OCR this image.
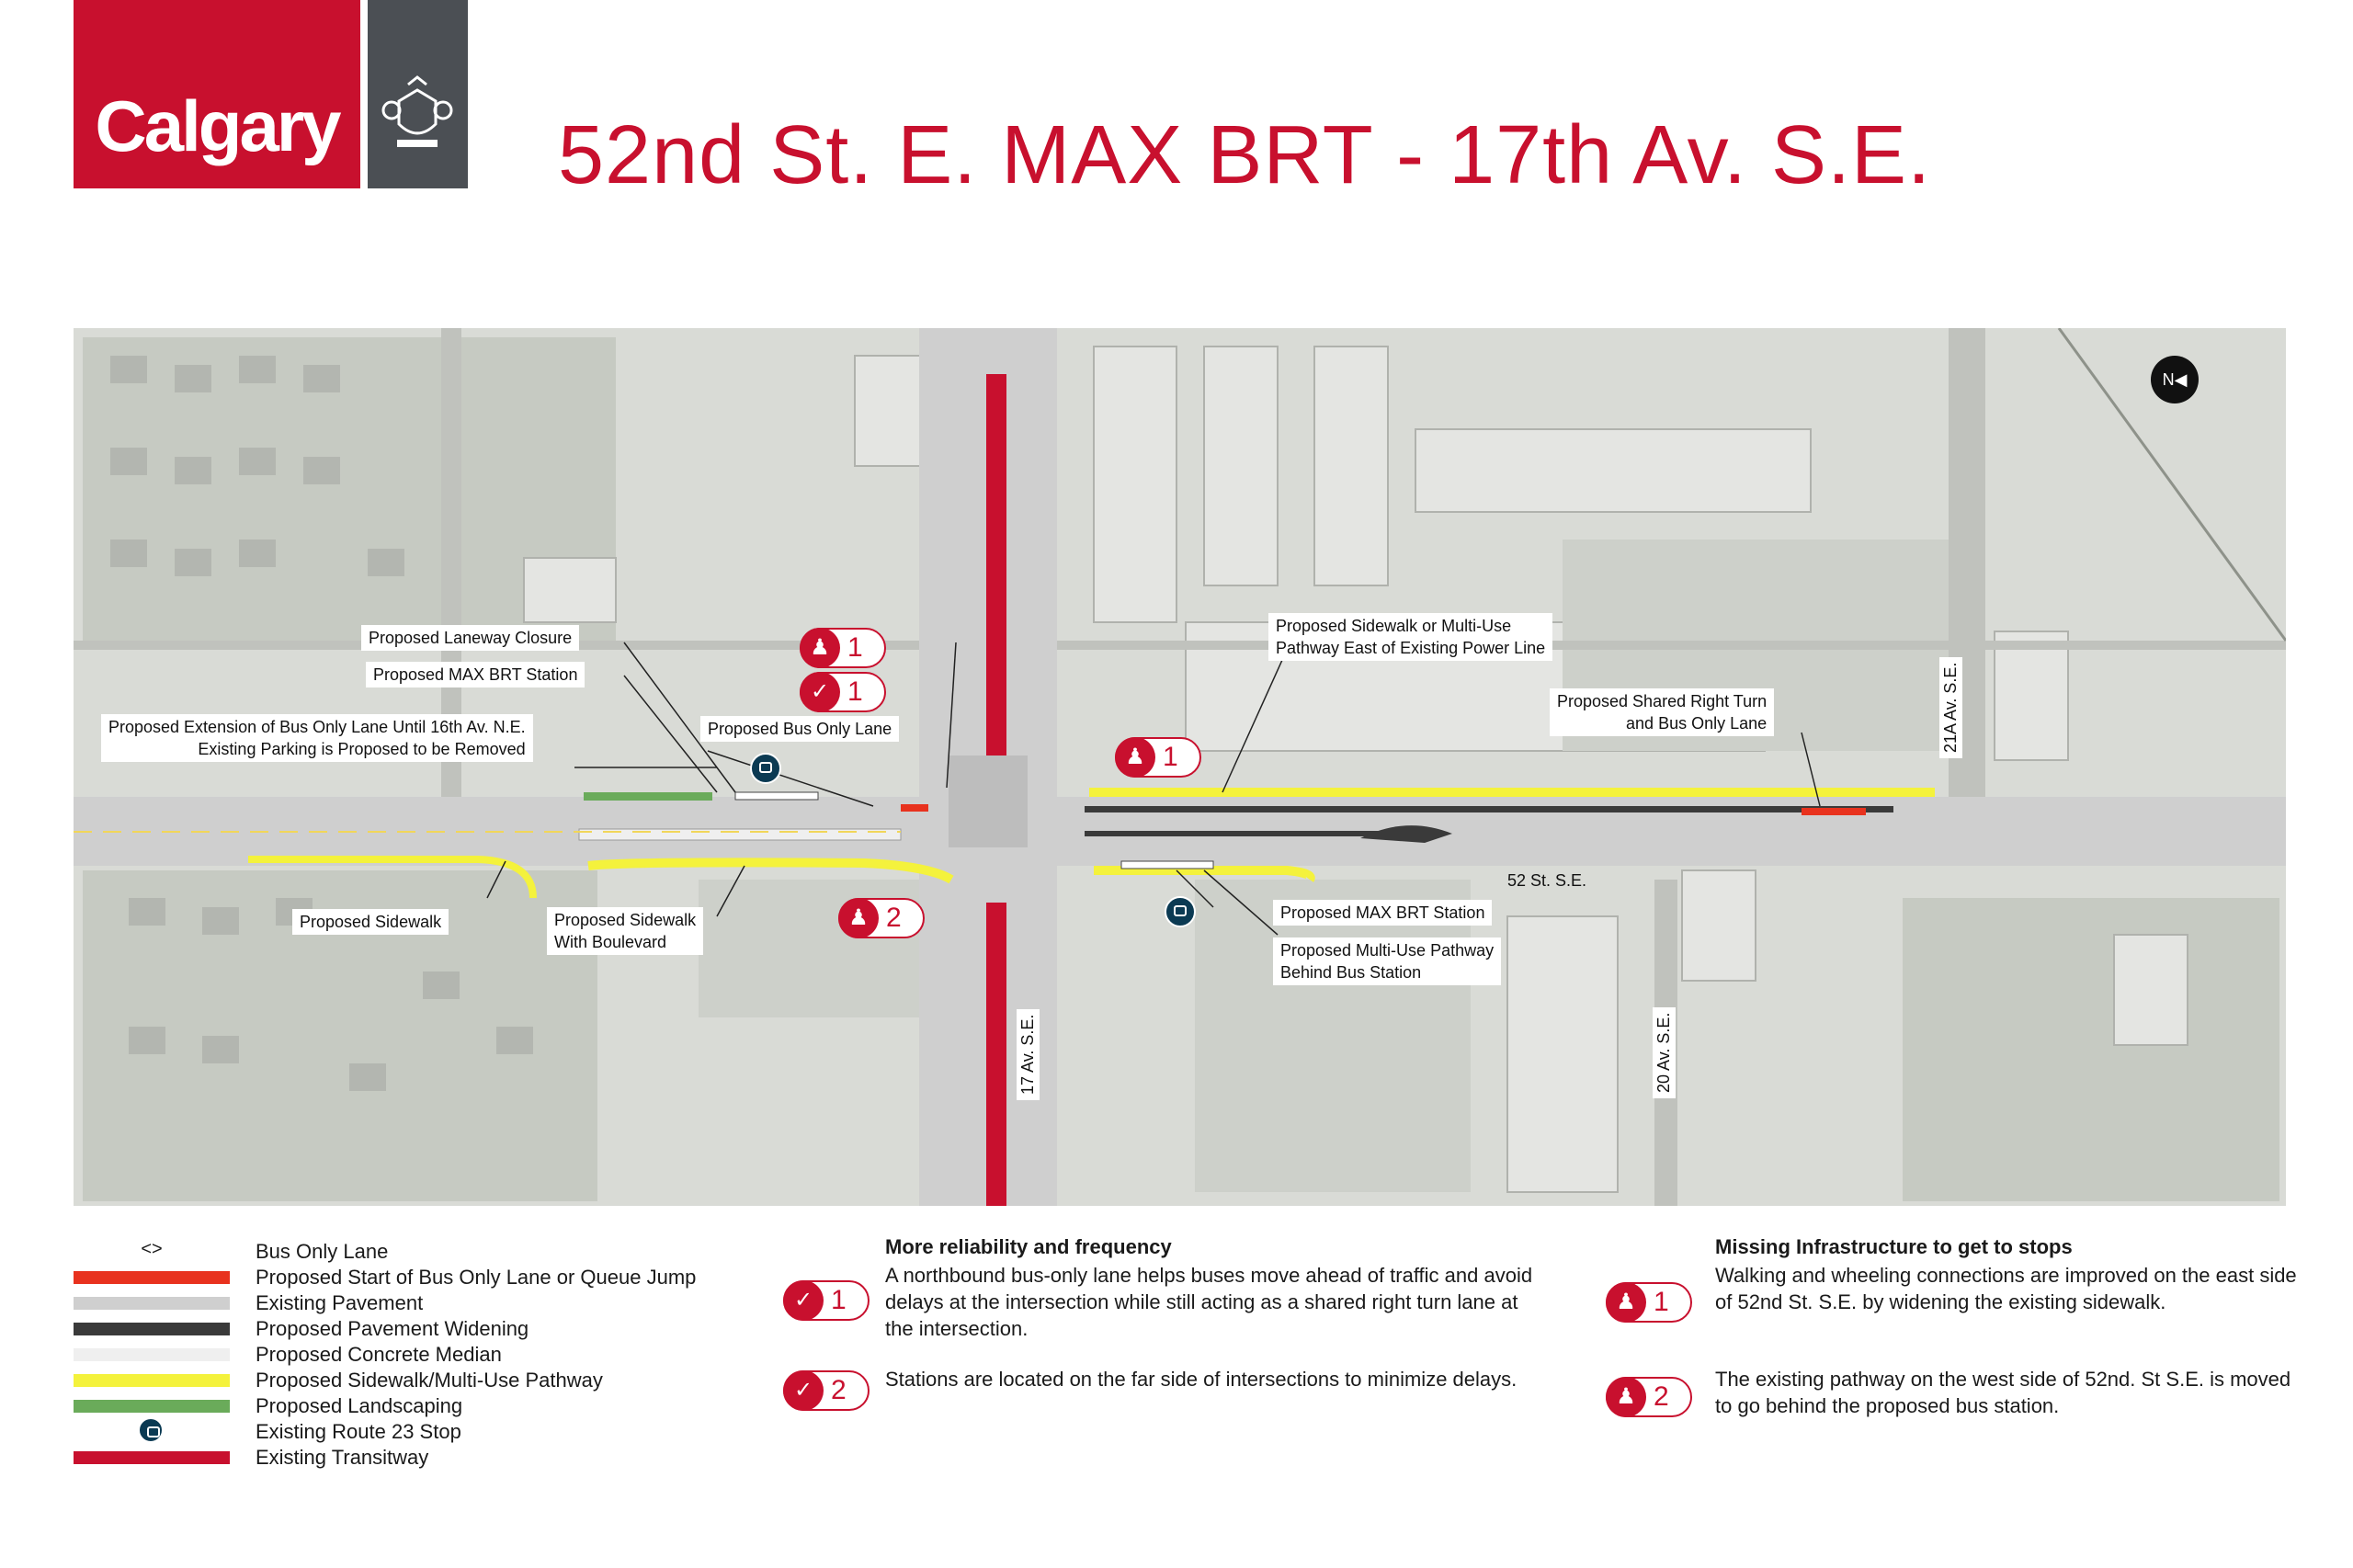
Calgary	52nd St. E. MAX BRT - 17th Av. S.E.
Proposed Laneway Closure
Proposed MAX BRT Station
Proposed Extension of Bus Only Lane Until 16th Av. N.E.
Existing Parking is Proposed to be Removed
Proposed Bus Only Lane
Proposed Sidewalk or Multi-Use
Pathway East of Existing Power Line
Proposed Shared Right Turn
and Bus Only Lane
Proposed Sidewalk	Proposed Sidewalk
With Boulevard
Proposed MAX BRT Station
Proposed Multi-Use Pathway
Behind Bus Station
52 St. S.E.
17 Av. S.E.	20 Av. S.E.
21A Av. S.E.
♟ 1
✓ 1
♟ 1
♟ 2
N◀
<>	Bus Only Lane
Proposed Start of Bus Only Lane or Queue Jump
Existing Pavement
Proposed Pavement Widening
Proposed Concrete Median
Proposed Sidewalk/Multi-Use Pathway
Proposed Landscaping
Existing Route 23 Stop
Existing Transitway
More reliability and frequency
✓ 1
A northbound bus-only lane helps buses move ahead of traffic and avoid delays at the intersection while still acting as a shared right turn lane at the intersection.
✓ 2 Stations are located on the far side of intersections to minimize delays.
Missing Infrastructure to get to stops
♟ 1
Walking and wheeling connections are improved on the east side of 52nd St. S.E. by widening the existing sidewalk.
♟ 2
The existing pathway on the west side of 52nd. St S.E. is moved to go behind the proposed bus station.
